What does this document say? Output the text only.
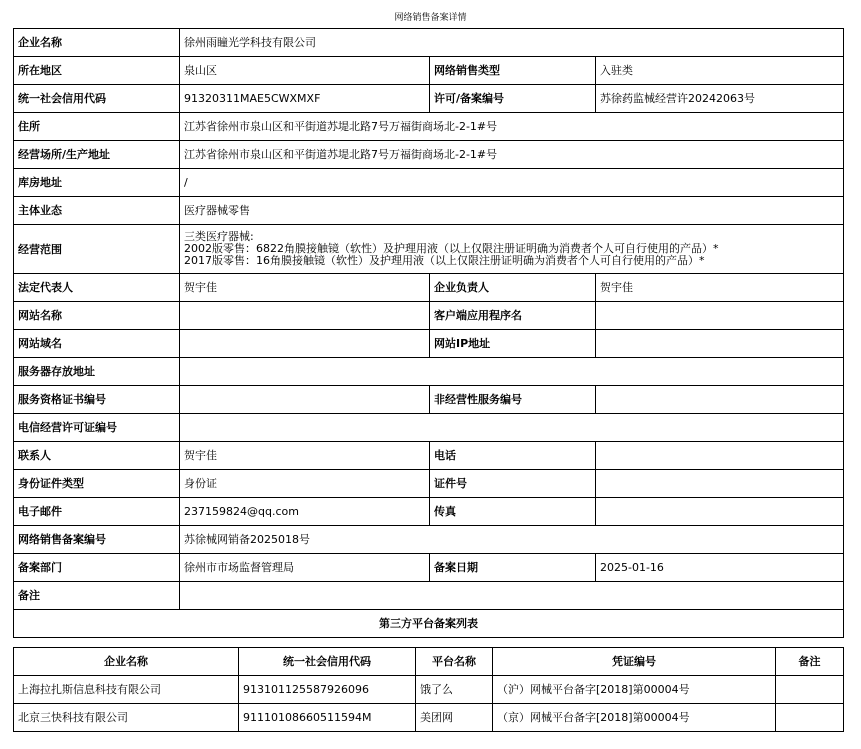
网络销售备案详情
企业名称	徐州雨瞳光学科技有限公司		
所在地区	泉山区	网络销售类型	入驻类
统一社会信用代码	91320311MAE5CWXMXF	许可/备案编号	苏徐药监械经营许20242063号
住所	江苏省徐州市泉山区和平街道苏堤北路7号万福街商场北-2-1#号		
经营场所/生产地址	江苏省徐州市泉山区和平街道苏堤北路7号万福街商场北-2-1#号		
库房地址	/		
主体业态	医疗器械零售		
经营范围	三类医疗器械:
2002版零售：6822角膜接触镜（软性）及护理用液（以上仅限注册证明确为消费者个人可自行使用的产品）*
2017版零售：16角膜接触镜（软性）及护理用液（以上仅限注册证明确为消费者个人可自行使用的产品）*		

法定代表人	贺宇佳	企业负责人	贺宇佳
网站名称		客户端应用程序名	
网站域名		网站IP地址	
服务器存放地址			
服务资格证书编号		非经营性服务编号	
电信经营许可证编号			
联系人	贺宇佳	电话	
身份证件类型	身份证	证件号	
电子邮件	237159824@qq.com	传真	
网络销售备案编号	苏徐械网销备2025018号		
备案部门	徐州市市场监督管理局	备案日期	2025-01-16
备注			
第三方平台备案列表			
企业名称	统一社会信用代码	平台名称	凭证编号	备注
上海拉扎斯信息科技有限公司	91310112558792609​6	饿了么	（沪）网械平台备字[2018]第00004号	
北京三快科技有限公司	91110108660511594M	美团网	（京）网械平台备字[2018]第00004号	
